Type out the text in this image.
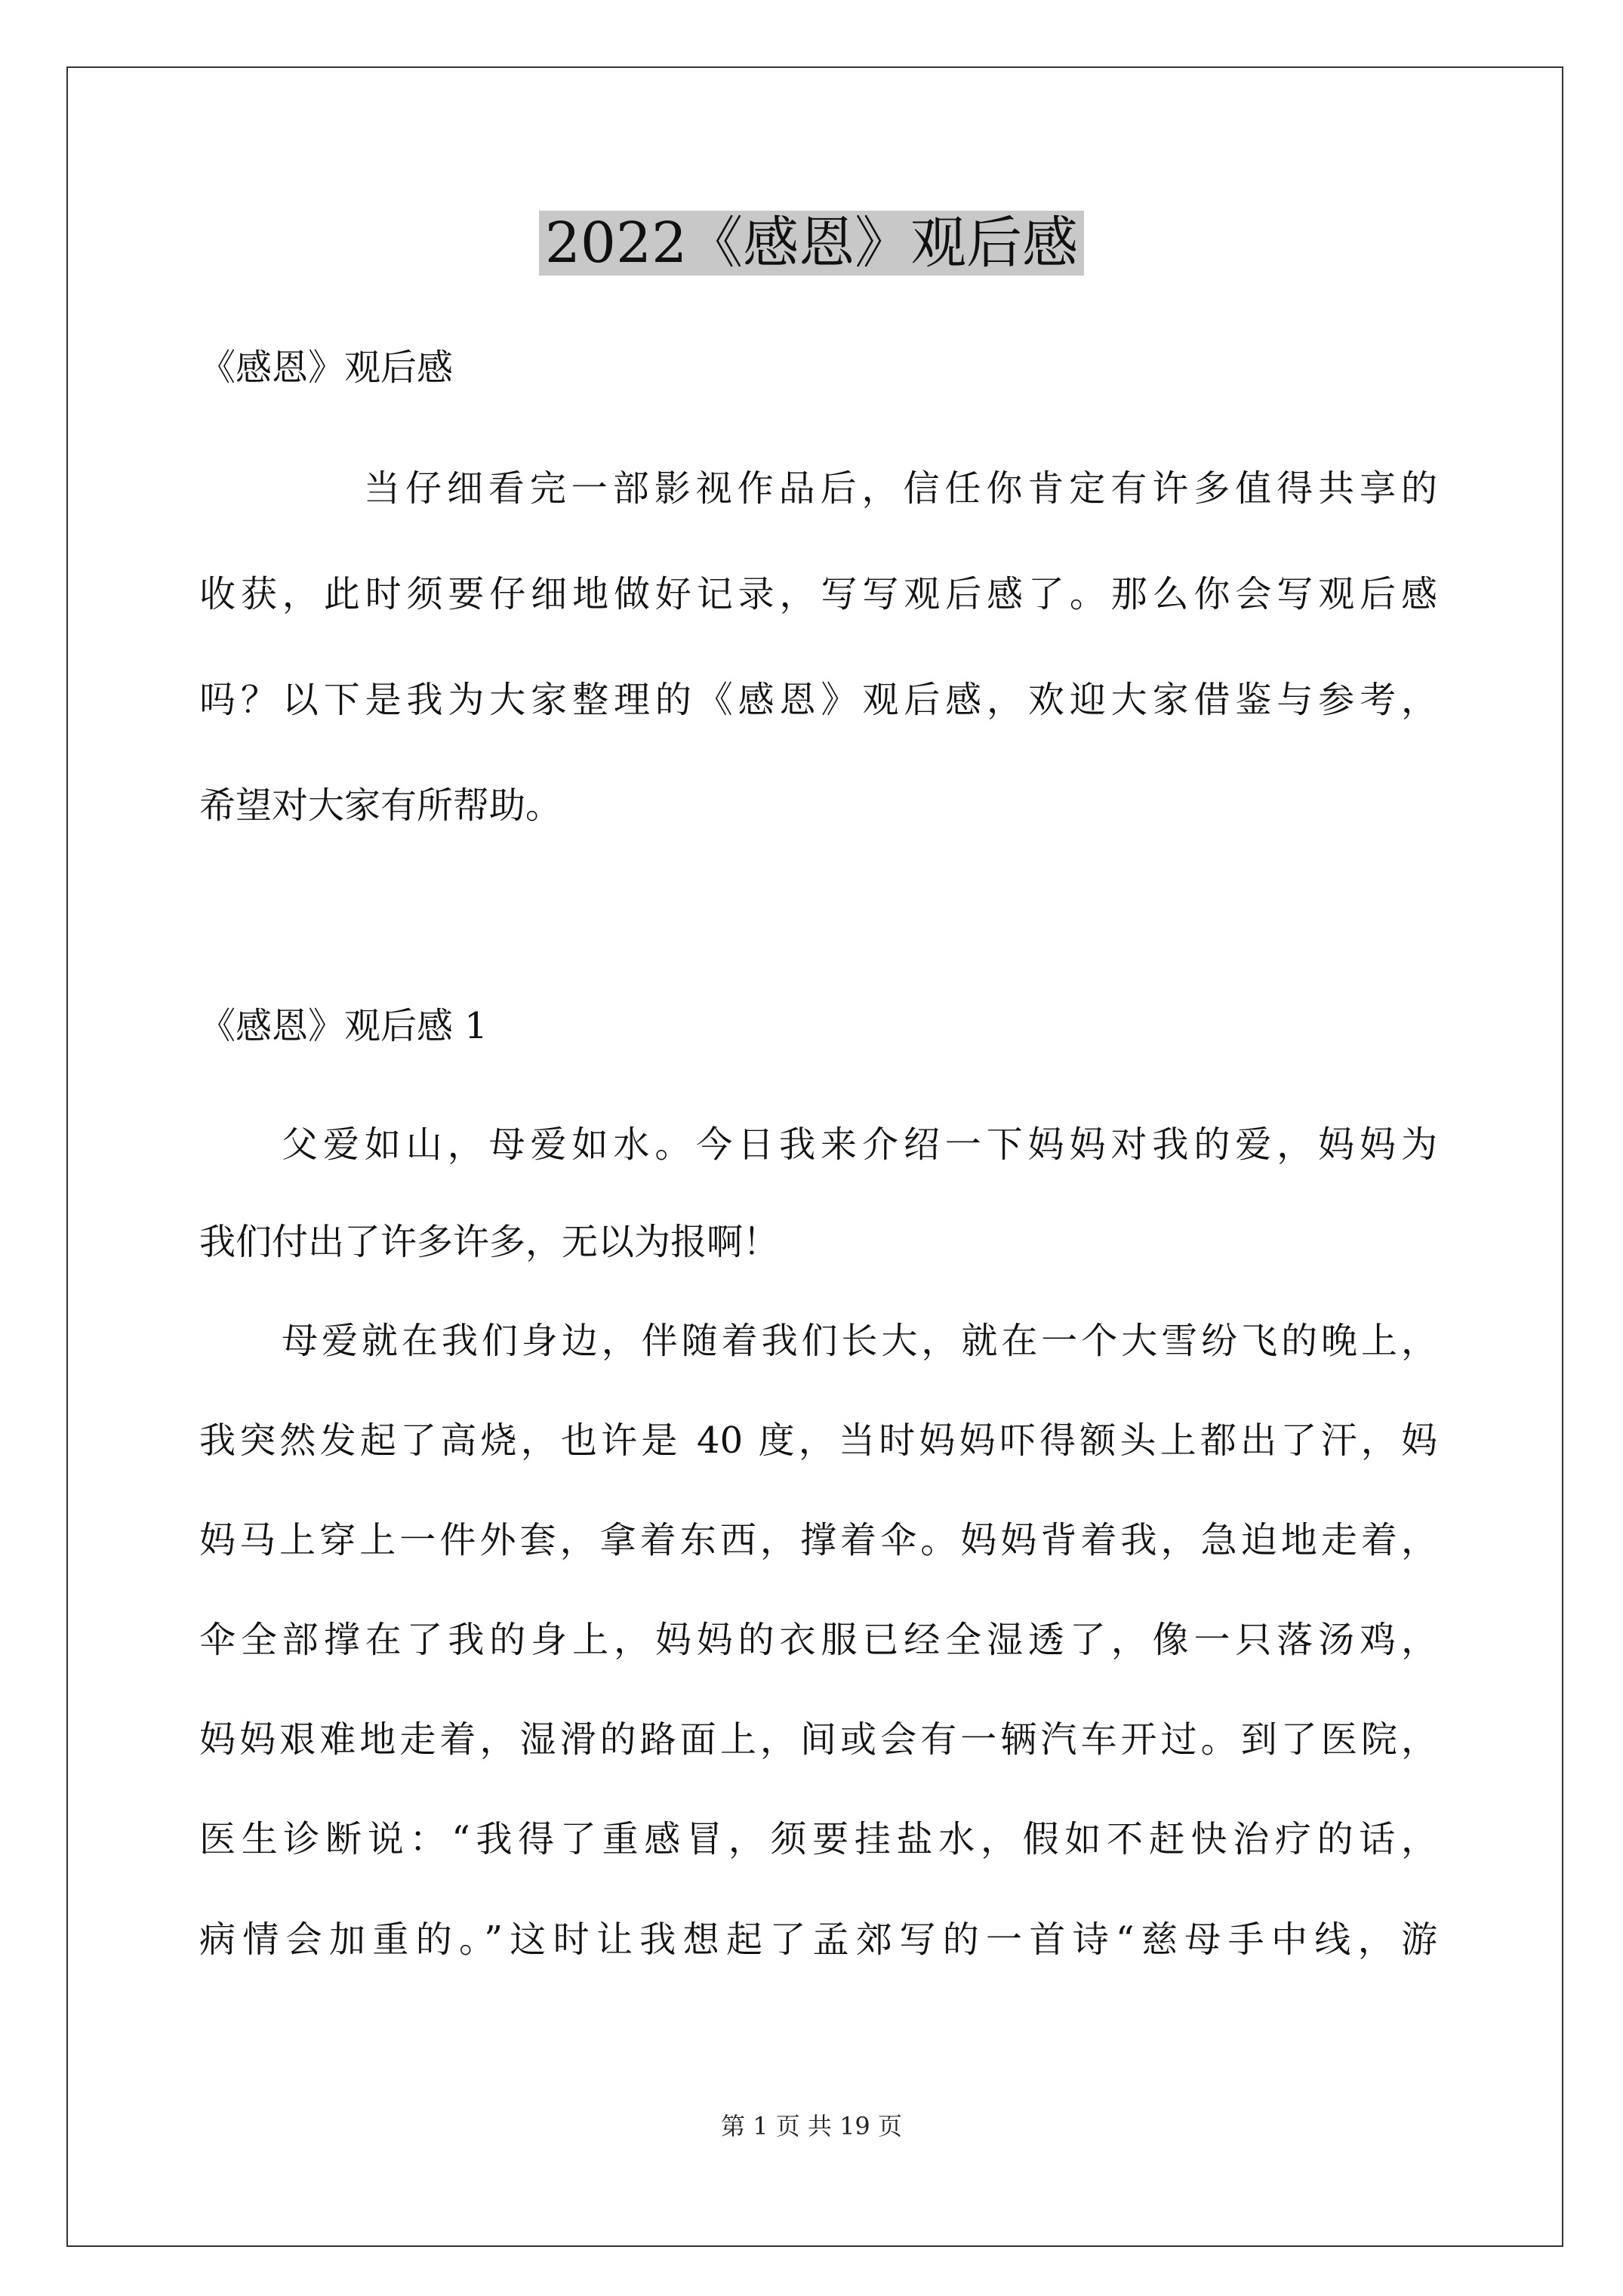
2022《感恩》观后感
《感恩》观后感
当仔细看完一部影视作品后，信任你肯定有许多值得共享的
收获，此时须要仔细地做好记录，写写观后感了。那么你会写观后感
吗？以下是我为大家整理的《感恩》观后感，欢迎大家借鉴与参考，
希望对大家有所帮助。
《感恩》观后感 1
父爱如山，母爱如水。今日我来介绍一下妈妈对我的爱，妈妈为
我们付出了许多许多，无以为报啊！
母爱就在我们身边，伴随着我们长大，就在一个大雪纷飞的晚上，
我突然发起了高烧，也许是 40 度，当时妈妈吓得额头上都出了汗，妈
妈马上穿上一件外套，拿着东西，撑着伞。妈妈背着我，急迫地走着，
伞全部撑在了我的身上，妈妈的衣服已经全湿透了，像一只落汤鸡，
妈妈艰难地走着，湿滑的路面上，间或会有一辆汽车开过。到了医院，
医生诊断说：“我得了重感冒，须要挂盐水，假如不赶快治疗的话，
病情会加重的。”这时让我想起了孟郊写的一首诗“慈母手中线，游
第 1 页 共 19 页
